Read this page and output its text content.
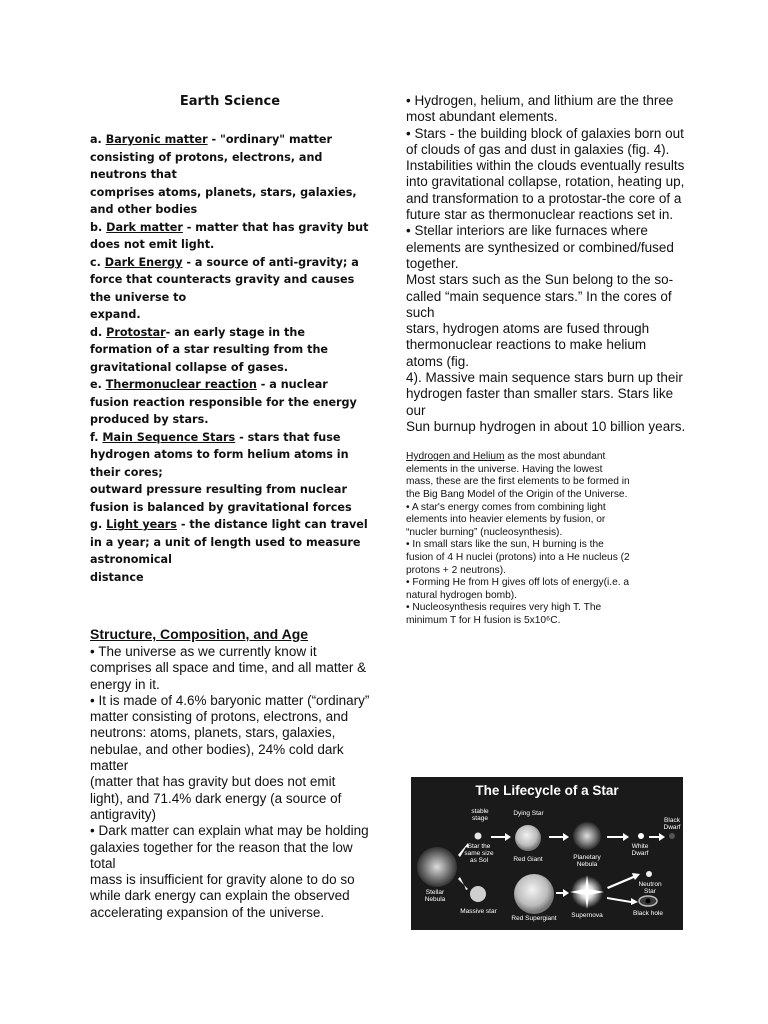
Earth Science

a. Baryonic matter - "ordinary" matter consisting of protons, electrons, and neutrons that
comprises atoms, planets, stars, galaxies, and other bodies

b. Dark matter - matter that has gravity but does not emit light.

c. Dark Energy - a source of anti-gravity; a force that counteracts gravity and causes the universe to
expand.

d. Protostar- an early stage in the formation of a star resulting from the gravitational collapse of gases.

e. Thermonuclear reaction - a nuclear fusion reaction responsible for the energy produced by stars.

f. Main Sequence Stars - stars that fuse hydrogen atoms to form helium atoms in their cores;
outward pressure resulting from nuclear fusion is balanced by gravitational forces

g. Light years - the distance light can travel in a year; a unit of length used to measure astronomical
distance

Structure, Composition, and Age

• The universe as we currently know it comprises all space and time, and all matter & energy in it.

• It is made of 4.6% baryonic matter (“ordinary” matter consisting of protons, electrons, and
neutrons: atoms, planets, stars, galaxies, nebulae, and other bodies), 24% cold dark matter
(matter that has gravity but does not emit light), and 71.4% dark energy (a source of antigravity)

• Dark matter can explain what may be holding galaxies together for the reason that the low total
mass is insufficient for gravity alone to do so while dark energy can explain the observed accelerating expansion of the universe.

• Hydrogen, helium, and lithium are the three most abundant elements.

• Stars - the building block of galaxies born out of clouds of gas and dust in galaxies (fig. 4).

Instabilities within the clouds eventually results into gravitational collapse, rotation, heating up,

and transformation to a protostar-the core of a future star as thermonuclear reactions set in.

• Stellar interiors are like furnaces where elements are synthesized or combined/fused together.

Most stars such as the Sun belong to the so-called “main sequence stars.” In the cores of such

stars, hydrogen atoms are fused through thermonuclear reactions to make helium atoms (fig.

4). Massive main sequence stars burn up their hydrogen faster than smaller stars. Stars like our

Sun burnup hydrogen in about 10 billion years.

Hydrogen and Helium as the most abundant elements in the universe. Having the lowest mass, these are the first elements to be formed in the Big Bang Model of the Origin of the Universe.

• A star's energy comes from combining light elements into heavier elements by fusion, or “nucler burning” (nucleosynthesis).

• In small stars like the sun, H burning is the fusion of 4 H nuclei (protons) into a He nucleus (2 protons + 2 neutrons).

• Forming He from H gives off lots of energy(i.e. a natural hydrogen bomb).

• Nucleosynthesis requires very high T. The minimum T for H fusion is 5x10⁶C.

The Lifecycle of a Star
stable stage
Dying Star
Star the same size as Sol	Red Giant	Planetary Nebula
White Dwarf
Black Dwarf
Stellar Nebula
Massive star
Red Supergiant	Supernova
Neutron Star
Black hole
